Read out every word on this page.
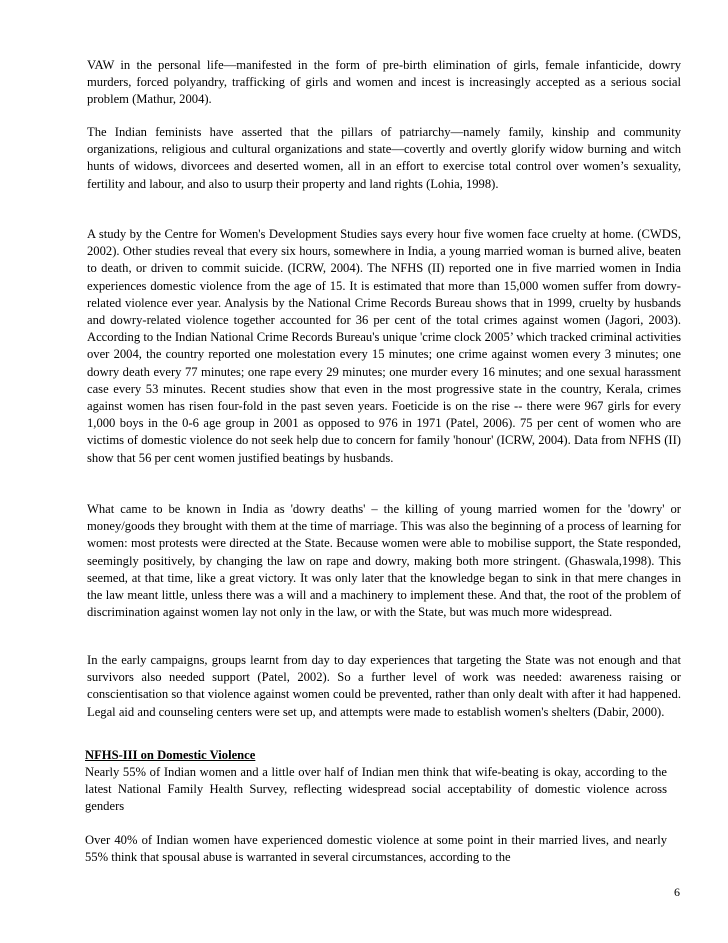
VAW in the personal life—manifested in the form of pre-birth elimination of girls, female infanticide, dowry murders, forced polyandry, trafficking of girls and women and incest is increasingly accepted as a serious social problem (Mathur, 2004).

The Indian feminists have asserted that the pillars of patriarchy—namely family, kinship and community organizations, religious and cultural organizations and state—covertly and overtly glorify widow burning and witch hunts of widows, divorcees and deserted women, all in an effort to exercise total control over women’s sexuality, fertility and labour, and also to usurp their property and land rights (Lohia, 1998).

A study by the Centre for Women's Development Studies says every hour five women face cruelty at home. (CWDS, 2002). Other studies reveal that every six hours, somewhere in India, a young married woman is burned alive, beaten to death, or driven to commit suicide. (ICRW, 2004). The NFHS (II) reported one in five married women in India experiences domestic violence from the age of 15. It is estimated that more than 15,000 women suffer from dowry-related violence ever year. Analysis by the National Crime Records Bureau shows that in 1999, cruelty by husbands and dowry-related violence together accounted for 36 per cent of the total crimes against women (Jagori, 2003). According to the Indian National Crime Records Bureau's unique 'crime clock 2005’ which tracked criminal activities over 2004, the country reported one molestation every 15 minutes; one crime against women every 3 minutes; one dowry death every 77 minutes; one rape every 29 minutes; one murder every 16 minutes; and one sexual harassment case every 53 minutes. Recent studies show that even in the most progressive state in the country, Kerala, crimes against women has risen four-fold in the past seven years. Foeticide is on the rise -- there were 967 girls for every 1,000 boys in the 0-6 age group in 2001 as opposed to 976 in 1971 (Patel, 2006). 75 per cent of women who are victims of domestic violence do not seek help due to concern for family 'honour' (ICRW, 2004). Data from NFHS (II) show that 56 per cent women justified beatings by husbands.

What came to be known in India as 'dowry deaths' – the killing of young married women for the 'dowry' or money/goods they brought with them at the time of marriage. This was also the beginning of a process of learning for women: most protests were directed at the State. Because women were able to mobilise support, the State responded, seemingly positively, by changing the law on rape and dowry, making both more stringent. (Ghaswala,1998). This seemed, at that time, like a great victory. It was only later that the knowledge began to sink in that mere changes in the law meant little, unless there was a will and a machinery to implement these. And that, the root of the problem of discrimination against women lay not only in the law, or with the State, but was much more widespread.

In the early campaigns, groups learnt from day to day experiences that targeting the State was not enough and that survivors also needed support (Patel, 2002). So a further level of work was needed: awareness raising or conscientisation so that violence against women could be prevented, rather than only dealt with after it had happened. Legal aid and counseling centers were set up, and attempts were made to establish women's shelters (Dabir, 2000).

NFHS-III on Domestic Violence

Nearly 55% of Indian women and a little over half of Indian men think that wife-beating is okay, according to the latest National Family Health Survey, reflecting widespread social acceptability of domestic violence across genders

Over 40% of Indian women have experienced domestic violence at some point in their married lives, and nearly 55% think that spousal abuse is warranted in several circumstances, according to the

6
